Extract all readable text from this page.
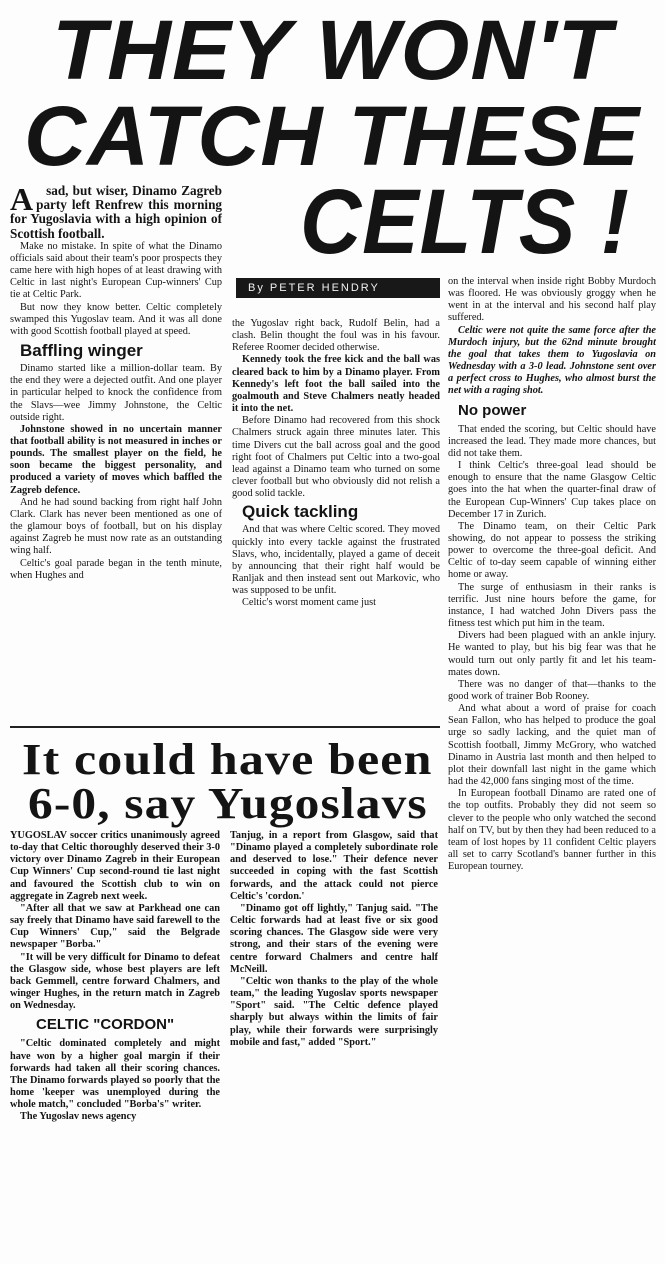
THEY WON'T
CATCH THESE
CELTS !
A sad, but wiser, Dinamo Zagreb party left Renfrew this morning for Yugoslavia with a high opinion of Scottish football.

Make no mistake. In spite of what the Dinamo officials said about their team's poor prospects they came here with high hopes of at least drawing with Celtic in last night's European Cup-winners' Cup tie at Celtic Park.

But now they know better. Celtic completely swamped this Yugoslav team. And it was all done with good Scottish football played at speed.

Baffling winger

Dinamo started like a million-dollar team. By the end they were a dejected outfit. And one player in particular helped to knock the confidence from the Slavs—wee Jimmy Johnstone, the Celtic outside right.

Johnstone showed in no uncertain manner that football ability is not measured in inches or pounds. The smallest player on the field, he soon became the biggest personality, and produced a variety of moves which baffled the Zagreb defence.

And he had sound backing from right half John Clark. Clark has never been mentioned as one of the glamour boys of football, but on his display against Zagreb he must now rate as an outstanding wing half.

Celtic's goal parade began in the tenth minute, when Hughes and

By PETER HENDRY

the Yugoslav right back, Rudolf Belin, had a clash. Belin thought the foul was in his favour. Referee Roomer decided otherwise.

Kennedy took the free kick and the ball was cleared back to him by a Dinamo player. From Kennedy's left foot the ball sailed into the goalmouth and Steve Chalmers neatly headed it into the net.

Before Dinamo had recovered from this shock Chalmers struck again three minutes later. This time Divers cut the ball across goal and the good right foot of Chalmers put Celtic into a two-goal lead against a Dinamo team who turned on some clever football but who obviously did not relish a good solid tackle.

Quick tackling

And that was where Celtic scored. They moved quickly into every tackle against the frustrated Slavs, who, incidentally, played a game of deceit by announcing that their right half would be Ranljak and then instead sent out Markovic, who was supposed to be unfit.

Celtic's worst moment came just

on the interval when inside right Bobby Murdoch was floored. He was obviously groggy when he went in at the interval and his second half play suffered.

Celtic were not quite the same force after the Murdoch injury, but the 62nd minute brought the goal that takes them to Yugoslavia on Wednesday with a 3-0 lead. Johnstone sent over a perfect cross to Hughes, who almost burst the net with a raging shot.

No power

That ended the scoring, but Celtic should have increased the lead. They made more chances, but did not take them.

I think Celtic's three-goal lead should be enough to ensure that the name Glasgow Celtic goes into the hat when the quarter-final draw of the European Cup-Winners' Cup takes place on December 17 in Zurich.

The Dinamo team, on their Celtic Park showing, do not appear to possess the striking power to overcome the three-goal deficit. And Celtic of to-day seem capable of winning either home or away.

The surge of enthusiasm in their ranks is terrific. Just nine hours before the game, for instance, I had watched John Divers pass the fitness test which put him in the team.

Divers had been plagued with an ankle injury. He wanted to play, but his big fear was that he would turn out only partly fit and let his team-mates down.

There was no danger of that—thanks to the good work of trainer Bob Rooney.

And what about a word of praise for coach Sean Fallon, who has helped to produce the goal urge so sadly lacking, and the quiet man of Scottish football, Jimmy McGrory, who watched Dinamo in Austria last month and then helped to plot their downfall last night in the game which had the 42,000 fans singing most of the time.

In European football Dinamo are rated one of the top outfits. Probably they did not seem so clever to the people who only watched the second half on TV, but by then they had been reduced to a team of lost hopes by 11 confident Celtic players all set to carry Scotland's banner further in this European tourney.

It could have been
6-0, say Yugoslavs

YUGOSLAV soccer critics unanimously agreed to-day that Celtic thoroughly deserved their 3-0 victory over Dinamo Zagreb in their European Cup Winners' Cup second-round tie last night and favoured the Scottish club to win on aggregate in Zagreb next week.

"After all that we saw at Parkhead one can say freely that Dinamo have said farewell to the Cup Winners' Cup," said the Belgrade newspaper "Borba."

"It will be very difficult for Dinamo to defeat the Glasgow side, whose best players are left back Gemmell, centre forward Chalmers, and winger Hughes, in the return match in Zagreb on Wednesday.

CELTIC "CORDON"

"Celtic dominated completely and might have won by a higher goal margin if their forwards had taken all their scoring chances. The Dinamo forwards played so poorly that the home 'keeper was unemployed during the whole match," concluded "Borba's" writer.

The Yugoslav news agency

Tanjug, in a report from Glasgow, said that "Dinamo played a completely subordinate role and deserved to lose." Their defence never succeeded in coping with the fast Scottish forwards, and the attack could not pierce Celtic's 'cordon.'

"Dinamo got off lightly," Tanjug said. "The Celtic forwards had at least five or six good scoring chances. The Glasgow side were very strong, and their stars of the evening were centre forward Chalmers and centre half McNeill.

"Celtic won thanks to the play of the whole team," the leading Yugoslav sports newspaper "Sport" said. "The Celtic defence played sharply but always within the limits of fair play, while their forwards were surprisingly mobile and fast," added "Sport."
